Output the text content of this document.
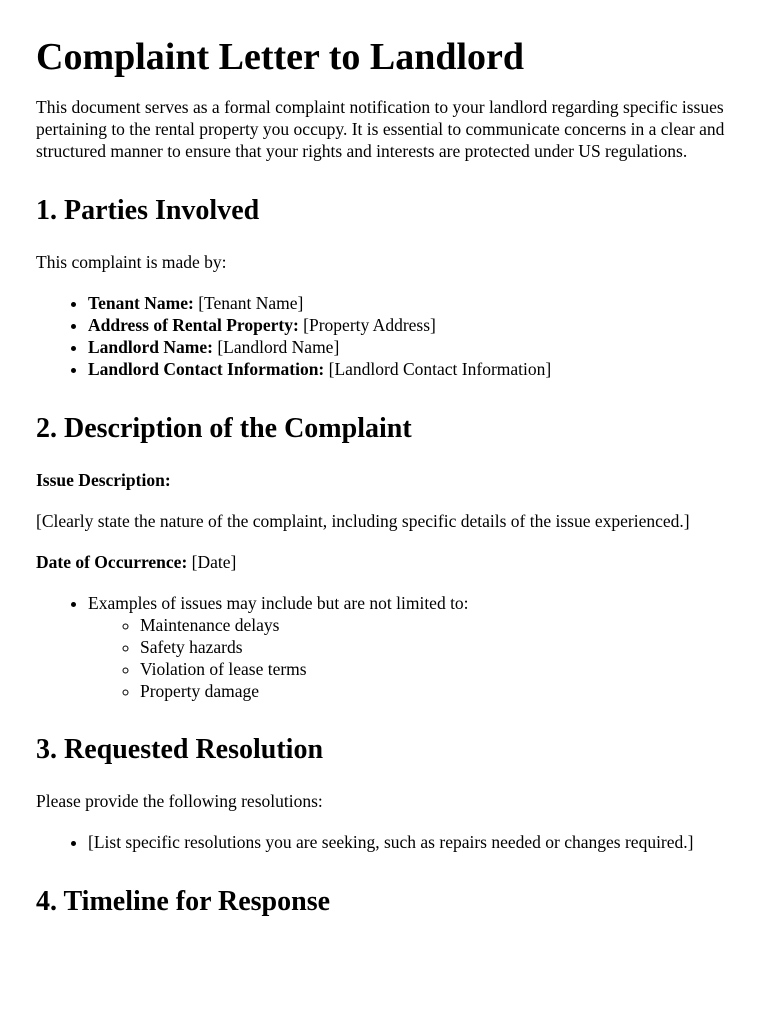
Complaint Letter to Landlord

This document serves as a formal complaint notification to your landlord regarding specific issues pertaining to the rental property you occupy. It is essential to communicate concerns in a clear and structured manner to ensure that your rights and interests are protected under US regulations.

1. Parties Involved

This complaint is made by:

• Tenant Name: [Tenant Name]
• Address of Rental Property: [Property Address]
• Landlord Name: [Landlord Name]
• Landlord Contact Information: [Landlord Contact Information]
2. Description of the Complaint

Issue Description:

[Clearly state the nature of the complaint, including specific details of the issue experienced.]

Date of Occurrence: [Date]

• Examples of issues may include but are not limited to:
◦ Maintenance delays
◦ Safety hazards
◦ Violation of lease terms
◦ Property damage
3. Requested Resolution

Please provide the following resolutions:

• [List specific resolutions you are seeking, such as repairs needed or changes required.]
4. Timeline for Response
